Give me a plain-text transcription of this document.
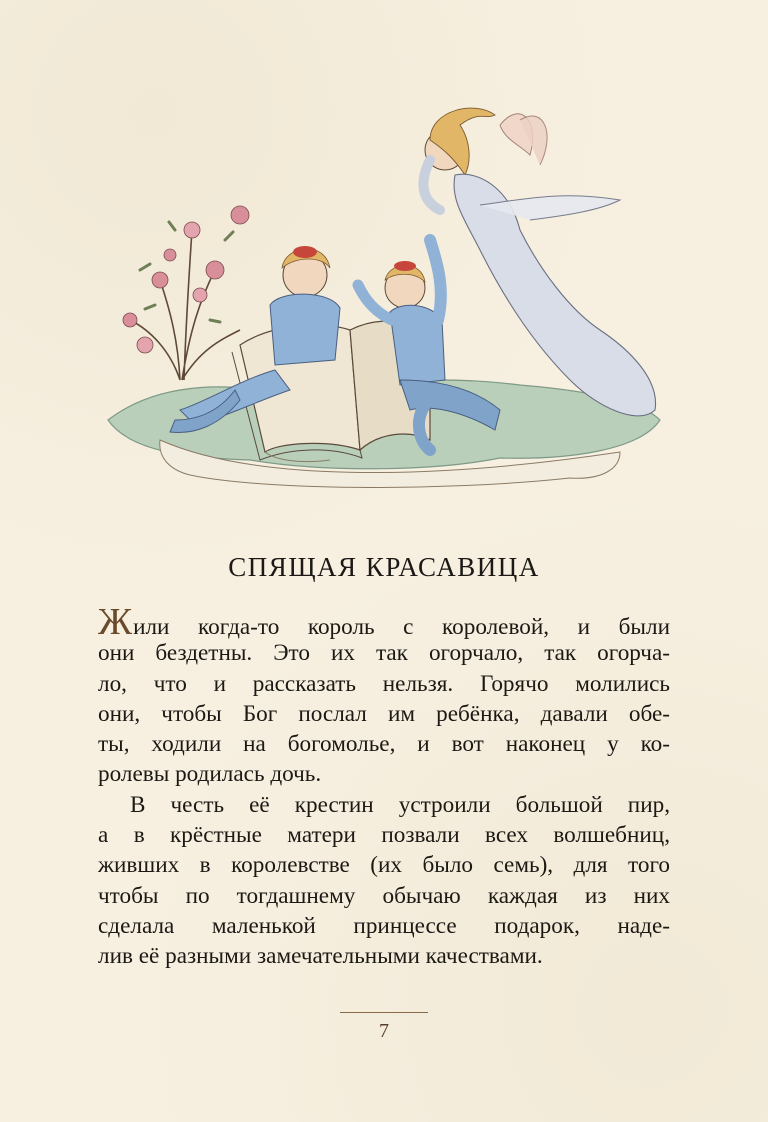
СПЯЩАЯ КРАСАВИЦА
Жили когда-то король с королевой, и были
они бездетны. Это их так огорчало, так огорча-
ло, что и рассказать нельзя. Горячо молились
они, чтобы Бог послал им ребёнка, давали обе-
ты, ходили на богомолье, и вот наконец у ко-
ролевы родилась дочь.
В честь её крестин устроили большой пир,
а в крёстные матери позвали всех волшебниц,
живших в королевстве (их было семь), для того
чтобы по тогдашнему обычаю каждая из них
сделала маленькой принцессе подарок, наде-
лив её разными замечательными качествами.
7
